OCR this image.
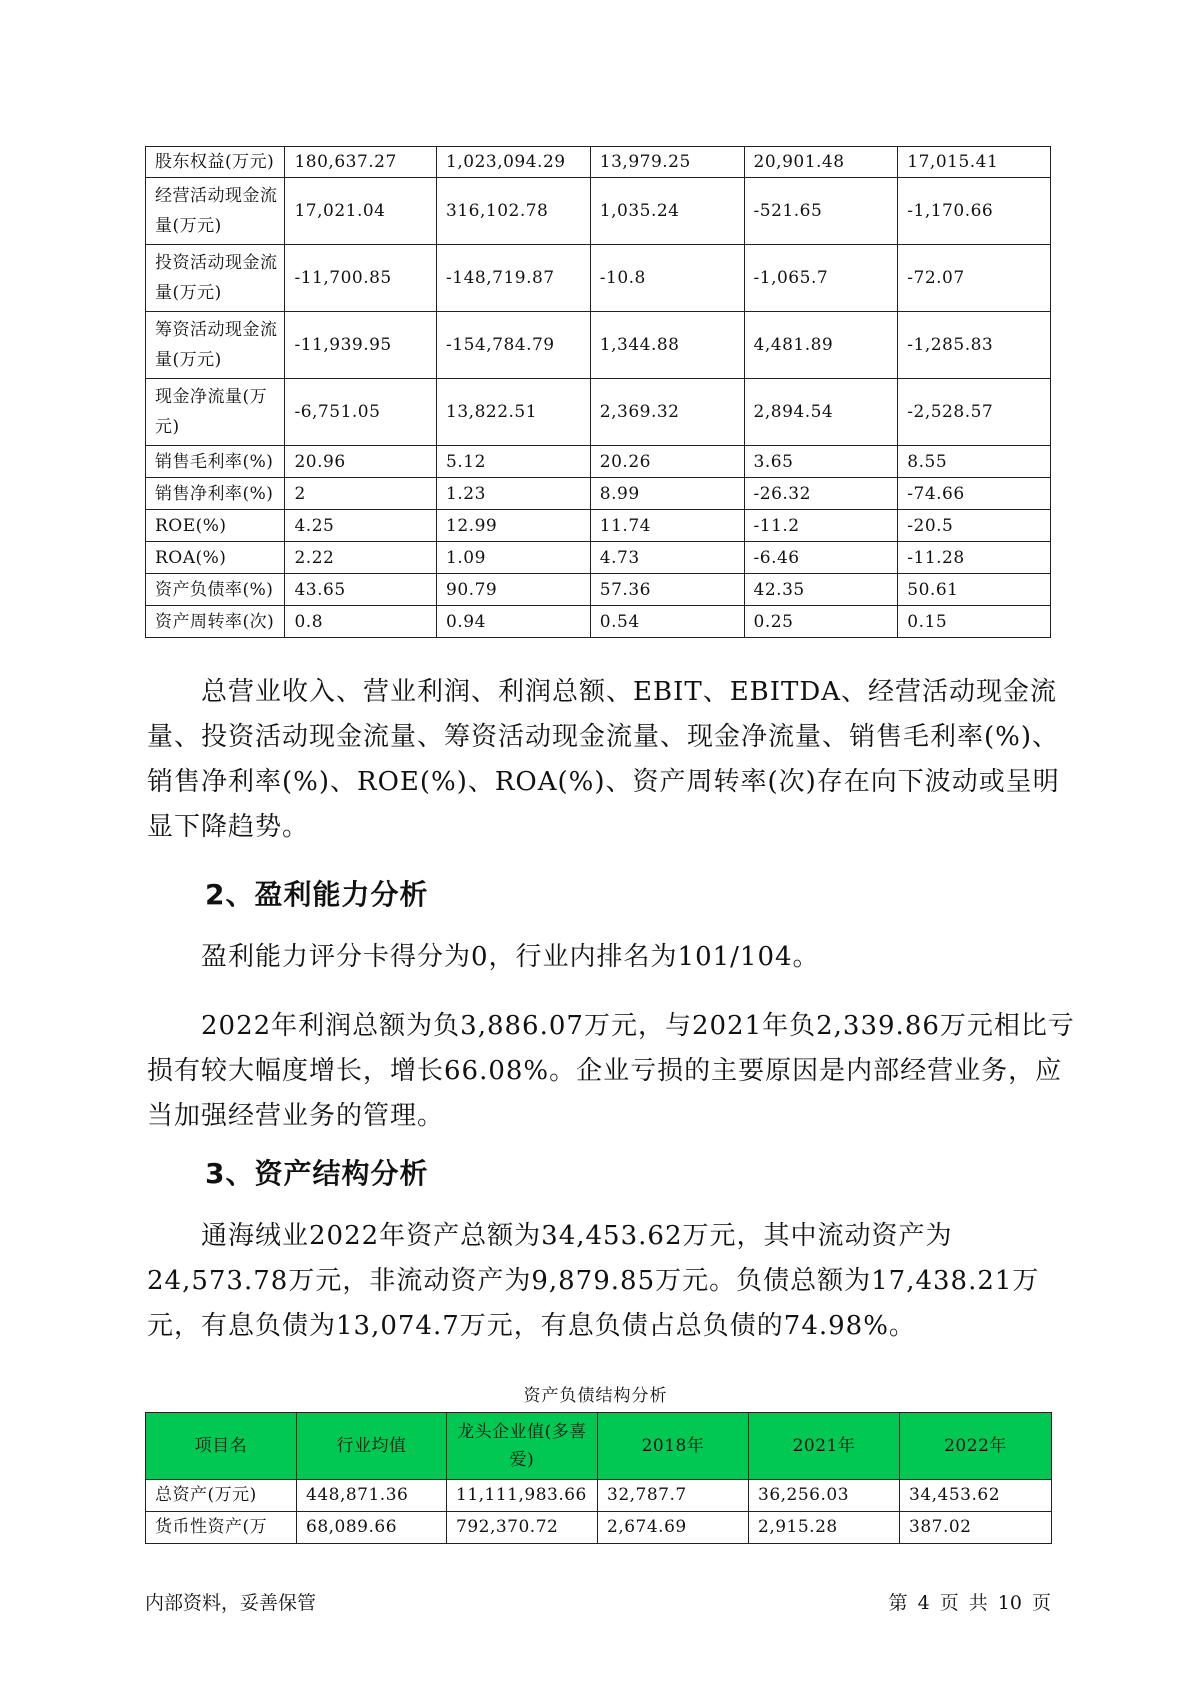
股东权益(万元)	180,637.27	1,023,094.29	13,979.25	20,901.48	17,015.41
经营活动现金流量(万元)	17,021.04	316,102.78	1,035.24	-521.65	-1,170.66
投资活动现金流量(万元)	-11,700.85	-148,719.87	-10.8	-1,065.7	-72.07
筹资活动现金流量(万元)	-11,939.95	-154,784.79	1,344.88	4,481.89	-1,285.83
现金净流量(万元)	-6,751.05	13,822.51	2,369.32	2,894.54	-2,528.57
销售毛利率(%)	20.96	5.12	20.26	3.65	8.55
销售净利率(%)	2	1.23	8.99	-26.32	-74.66
ROE(%)	4.25	12.99	11.74	-11.2	-20.5
ROA(%)	2.22	1.09	4.73	-6.46	-11.28
资产负债率(%)	43.65	90.79	57.36	42.35	50.61
资产周转率(次)	0.8	0.94	0.54	0.25	0.15

总营业收入、营业利润、利润总额、EBIT、EBITDA、经营活动现金流量、投资活动现金流量、筹资活动现金流量、现金净流量、销售毛利率(%)、销售净利率(%)、ROE(%)、ROA(%)、资产周转率(次)存在向下波动或呈明显下降趋势。

2、盈利能力分析

盈利能力评分卡得分为0，行业内排名为101/104。

2022年利润总额为负3,886.07万元，与2021年负2,339.86万元相比亏损有较大幅度增长，增长66.08%。企业亏损的主要原因是内部经营业务，应当加强经营业务的管理。

3、资产结构分析

通海绒业2022年资产总额为34,453.62万元，其中流动资产为24,573.78万元，非流动资产为9,879.85万元。负债总额为17,438.21万元，有息负债为13,074.7万元，有息负债占总负债的74.98%。

资产负债结构分析
项目名	行业均值	龙头企业值(多喜爱)	2018年	2021年	2022年
总资产(万元)	448,871.36	11,111,983.66	32,787.7	36,256.03	34,453.62
货币性资产(万	68,089.66	792,370.72	2,674.69	2,915.28	387.02
内部资料，妥善保管	第 4 页 共 10 页
